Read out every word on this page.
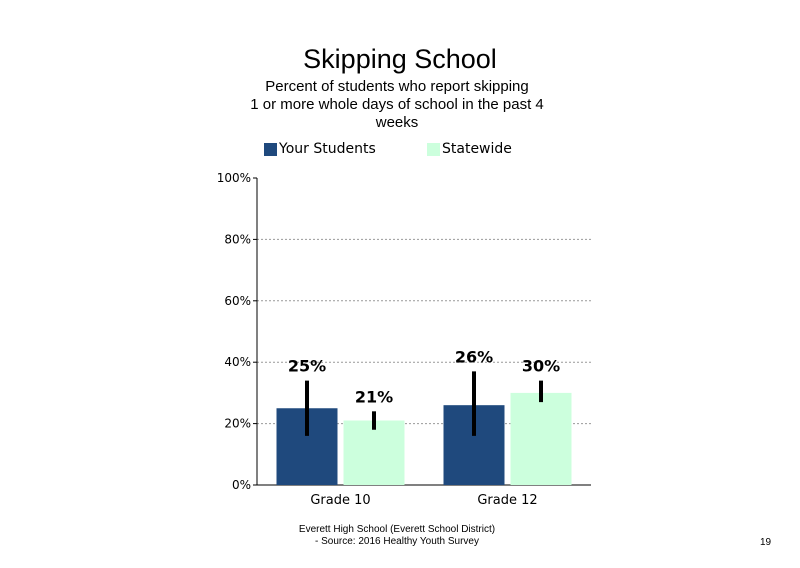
Skipping School
Percent of students who report skipping
1 or more whole days of school in the past 4
weeks
Your Students	Statewide
0%
20%
40%
60%
80%
100%
25%
21%
Grade 10
26% 30%
Grade 12
Everett High School (Everett School District)
- Source: 2016 Healthy Youth Survey	19
